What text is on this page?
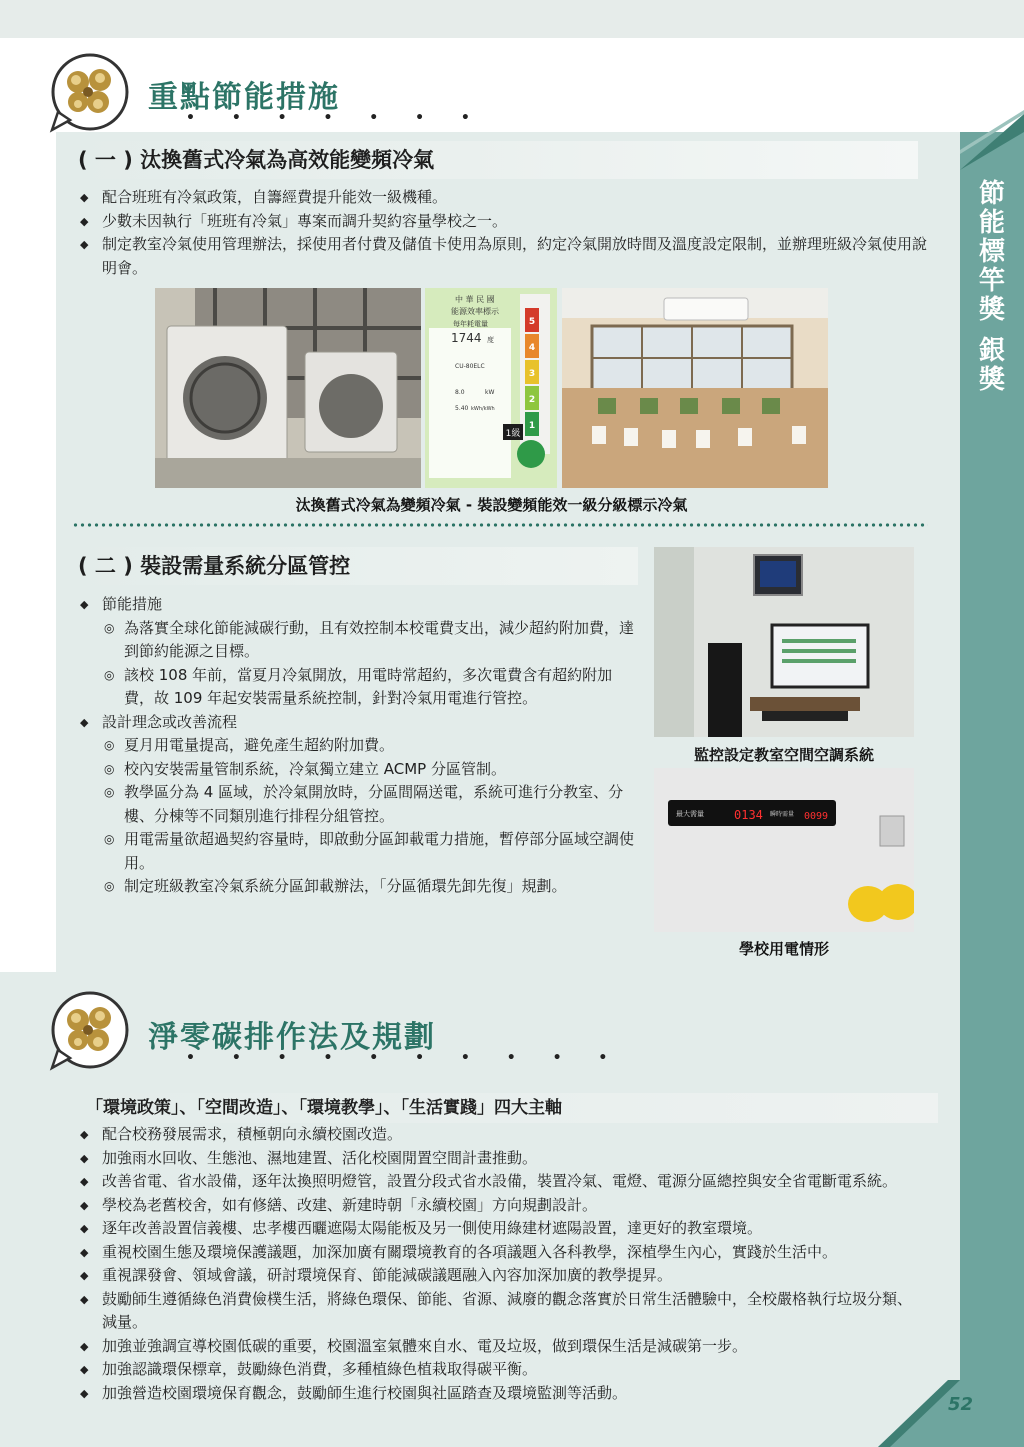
節
能
標
竿
獎
銀
獎
重點節能措施
• • • • • • •
( 一 ) 汰換舊式冷氣為高效能變頻冷氣
◆ 配合班班有冷氣政策，自籌經費提升能效一級機種。
◆ 少數未因執行「班班有冷氣」專案而調升契約容量學校之一。
◆ 制定教室冷氣使用管理辦法，採使用者付費及儲值卡使用為原則，約定冷氣開放時間及溫度設定限制，並辦理班級冷氣使用說明會。
1級
中 華 民 國
能源效率標示
每年耗電量
1744 度
CU-80ELC
8.0	kW
5.40 kWh/kWh
5
4
3
2
1
汰換舊式冷氣為變頻冷氣 - 裝設變頻能效一級分級標示冷氣
( 二 ) 裝設需量系統分區管控
◆ 節能措施
◎ 為落實全球化節能減碳行動，且有效控制本校電費支出，減少超約附加費，達到節約能源之目標。
◎ 該校 108 年前，當夏月冷氣開放，用電時常超約，多次電費含有超約附加費，故 109 年起安裝需量系統控制，針對冷氣用電進行管控。
◆ 設計理念或改善流程
◎ 夏月用電量提高，避免產生超約附加費。
◎ 校內安裝需量管制系統，冷氣獨立建立 ACMP 分區管制。
◎ 教學區分為 4 區域，於冷氣開放時，分區間隔送電，系統可進行分教室、分樓、分棟等不同類別進行排程分組管控。
◎ 用電需量欲超過契約容量時，即啟動分區卸載電力措施，暫停部分區域空調使用。
◎ 制定班級教室冷氣系統分區卸載辦法，「分區循環先卸先復」規劃。
監控設定教室空間空調系統
最大需量	0134 瞬時需量 0099
學校用電情形
淨零碳排作法及規劃
• • • • • • • • • •
「環境政策」、「空間改造」、「環境教學」、「生活實踐」四大主軸
◆ 配合校務發展需求，積極朝向永續校園改造。
◆ 加強雨水回收、生態池、濕地建置、活化校園閒置空間計畫推動。
◆ 改善省電、省水設備，逐年汰換照明燈管，設置分段式省水設備，裝置冷氣、電燈、電源分區總控與安全省電斷電系統。
◆ 學校為老舊校舍，如有修繕、改建、新建時朝「永續校園」方向規劃設計。
◆ 逐年改善設置信義樓、忠孝樓西曬遮陽太陽能板及另一側使用綠建材遮陽設置，達更好的教室環境。
◆ 重視校園生態及環境保護議題，加深加廣有關環境教育的各項議題入各科教學，深植學生內心，實踐於生活中。
◆ 重視課發會、領域會議，研討環境保育、節能減碳議題融入內容加深加廣的教學提昇。
◆ 鼓勵師生遵循綠色消費儉樸生活，將綠色環保、節能、省源、減廢的觀念落實於日常生活體驗中，全校嚴格執行垃圾分類、減量。
◆ 加強並強調宣導校園低碳的重要，校園溫室氣體來自水、電及垃圾，做到環保生活是減碳第一步。
◆ 加強認識環保標章，鼓勵綠色消費，多種植綠色植栽取得碳平衡。
◆ 加強營造校園環境保育觀念，鼓勵師生進行校園與社區踏查及環境監測等活動。
52
